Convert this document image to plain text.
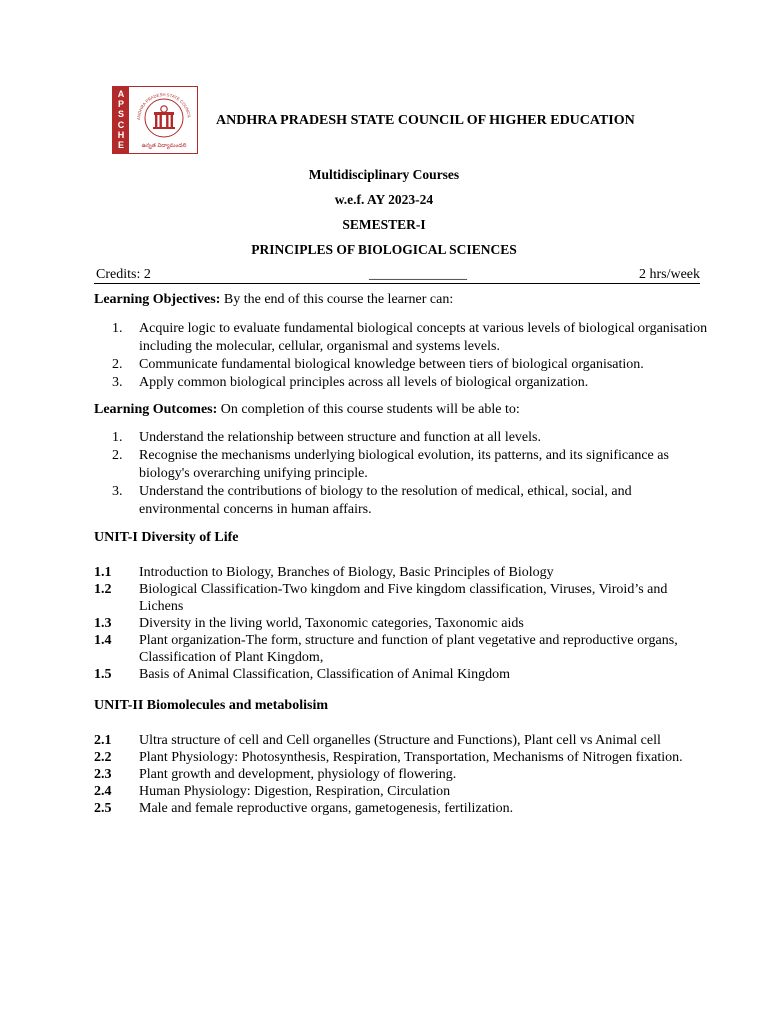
A
P
S
C
H
E
ANDHRA PRADESH STATE COUNCIL
ఉన్నత విద్యామండలి
ANDHRA PRADESH STATE COUNCIL OF HIGHER EDUCATION
Multidisciplinary Courses
w.e.f. AY 2023-24
SEMESTER-I
PRINCIPLES OF BIOLOGICAL SCIENCES
Credits: 2	______________	2 hrs/week
Learning Objectives: By the end of this course the learner can:
1. Acquire logic to evaluate fundamental biological concepts at various levels of biological organisation including the molecular, cellular, organismal and systems levels.
2. Communicate fundamental biological knowledge between tiers of biological organisation.
3. Apply common biological principles across all levels of biological organization.
Learning Outcomes: On completion of this course students will be able to:
1. Understand the relationship between structure and function at all levels.
2. Recognise the mechanisms underlying biological evolution, its patterns, and its significance as biology's overarching unifying principle.
3. Understand the contributions of biology to the resolution of medical, ethical, social, and environmental concerns in human affairs.
UNIT-I Diversity of Life
1.1 Introduction to Biology, Branches of Biology, Basic Principles of Biology
1.2 Biological Classification-Two kingdom and Five kingdom classification, Viruses, Viroid’s and Lichens
1.3 Diversity in the living world, Taxonomic categories, Taxonomic aids
1.4 Plant organization-The form, structure and function of plant vegetative and reproductive organs, Classification of Plant Kingdom,
1.5 Basis of Animal Classification, Classification of Animal Kingdom
UNIT-II Biomolecules and metabolisim
2.1 Ultra structure of cell and Cell organelles (Structure and Functions), Plant cell vs Animal cell
2.2 Plant Physiology: Photosynthesis, Respiration, Transportation, Mechanisms of Nitrogen fixation.
2.3 Plant growth and development, physiology of flowering.
2.4 Human Physiology: Digestion, Respiration, Circulation
2.5 Male and female reproductive organs, gametogenesis, fertilization.
